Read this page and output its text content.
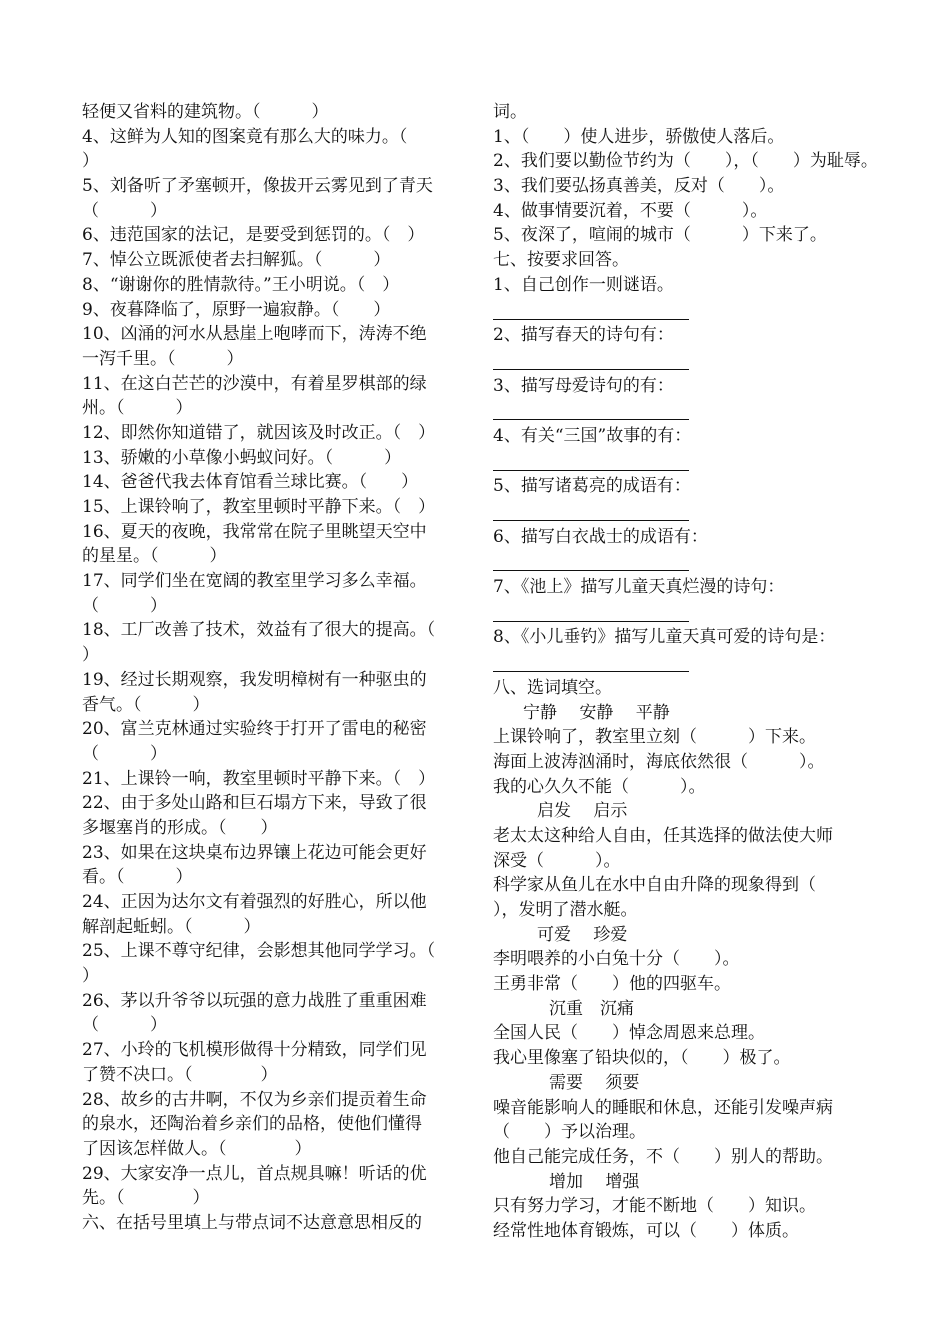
轻便又省料的建筑物。（　　　）
4、这鲜为人知的图案竟有那么大的味力。（
）
5、刘备听了矛塞顿开，像拔开云雾见到了青天
（　　　）
6、违范国家的法记，是要受到惩罚的。（　）
7、悼公立既派使者去扫解狐。（　　　）
8、“谢谢你的胜情款待。”王小明说。（　）
9、夜暮降临了，原野一遍寂静。（　　）
10、凶涌的河水从悬崖上咆哮而下，涛涛不绝
一泻千里。（　　　）
11、在这白芒芒的沙漠中，有着星罗棋部的绿
州。（　　　）
12、即然你知道错了，就因该及时改正。（　）
13、骄嫩的小草像小蚂蚁问好。（　　　）
14、爸爸代我去体育馆看兰球比赛。（　　）
15、上课铃响了，教室里顿时平静下来。（　）
16、夏天的夜晚，我常常在院子里眺望天空中
的星星。（　　　）
17、同学们坐在宽阔的教室里学习多么幸福。
（　　　）
18、工厂改善了技术，效益有了很大的提高。（
）
19、经过长期观察，我发明樟树有一种驱虫的
香气。（　　　）
20、富兰克林通过实验终于打开了雷电的秘密
（　　　）
21、上课铃一响，教室里顿时平静下来。（　）
22、由于多处山路和巨石塌方下来，导致了很
多堰塞肖的形成。（　　）
23、如果在这块桌布边界镶上花边可能会更好
看。（　　　）
24、正因为达尔文有着强烈的好胜心，所以他
解剖起蚯蚓。（　　　）
25、上课不尊守纪律，会影想其他同学学习。（
）
26、茅以升爷爷以玩强的意力战胜了重重困难
（　　　）
27、小玲的飞机模形做得十分精致，同学们见
了赞不决口。（　　　　）
28、故乡的古井啊，不仅为乡亲们提贡着生命
的泉水，还陶治着乡亲们的品格，使他们懂得
了因该怎样做人。（　　　　）
29、大家安净一点儿，首点规具嘛！听话的优
先。（　　　　）
六、在括号里填上与带点词不达意意思相反的
词。
1、（　　）使人进步，骄傲使人落后。
2、我们要以勤俭节约为（　　），（　　）为耻辱。
3、我们要弘扬真善美，反对（　　）。
4、做事情要沉着，不要（　　　）。
5、夜深了，喧闹的城市（　　　）下来了。
七、按要求回答。
1、自己创作一则谜语。
2、描写春天的诗句有：
3、描写母爱诗句的有：
4、有关“三国”故事的有：
5、描写诸葛亮的成语有：
6、描写白衣战士的成语有：
7、《池上》描写儿童天真烂漫的诗句：
8、《小儿垂钓》描写儿童天真可爱的诗句是：
八、选词填空。
宁静　 安静　 平静
上课铃响了，教室里立刻（　　　）下来。
海面上波涛汹涌时，海底依然很（　　　）。
我的心久久不能（　　　）。
启发　 启示
老太太这种给人自由，任其选择的做法使大师
深受（　　　）。
科学家从鱼儿在水中自由升降的现象得到（
），发明了潜水艇。
可爱　 珍爱
李明喂养的小白兔十分（　　）。
王勇非常（　　）他的四驱车。
沉重　沉痛
全国人民（　　）悼念周恩来总理。
我心里像塞了铅块似的，（　　）极了。
需要　 须要
噪音能影响人的睡眠和休息，还能引发噪声病
（　　）予以治理。
他自己能完成任务，不（　　）别人的帮助。
增加　 增强
只有努力学习，才能不断地（　　）知识。
经常性地体育锻炼，可以（　　）体质。
